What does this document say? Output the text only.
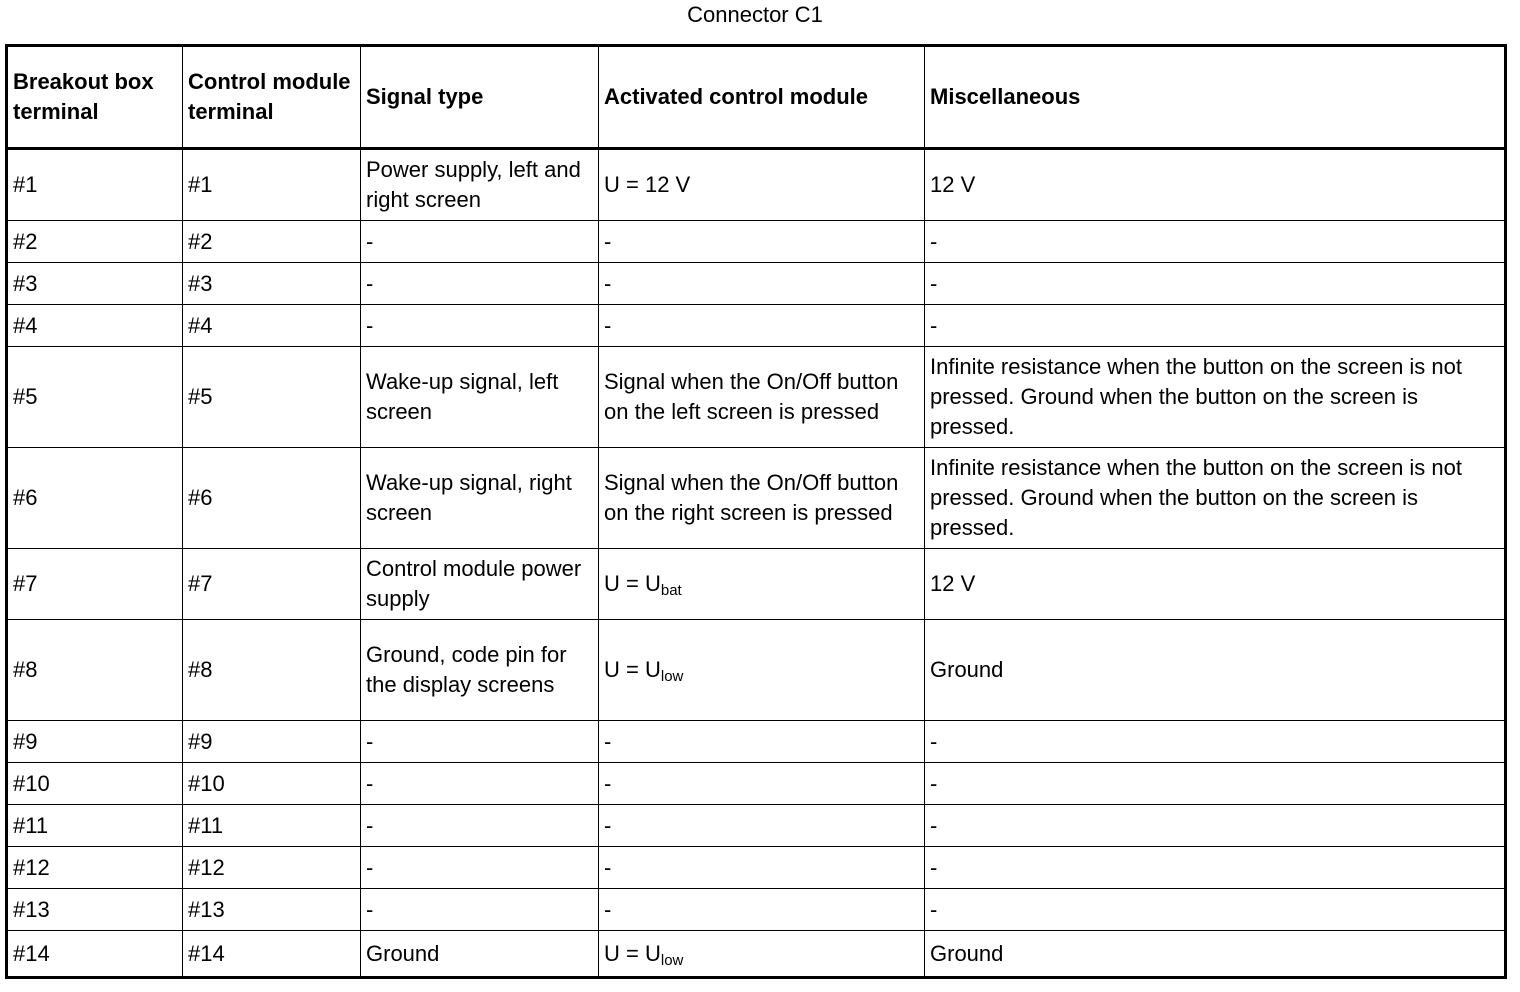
Connector C1
Breakout box terminal	Control module terminal	Signal type	Activated control module	Miscellaneous
#1	#1	Power supply, left and right screen	U = 12 V	12 V
#2	#2	-	-	-
#3	#3	-	-	-
#4	#4	-	-	-
#5	#5	Wake-up signal, left screen	Signal when the On/Off button on the left screen is pressed	Infinite resistance when the button on the screen is not pressed. Ground when the button on the screen is pressed.
#6	#6	Wake-up signal, right screen	Signal when the On/Off button on the right screen is pressed	Infinite resistance when the button on the screen is not pressed. Ground when the button on the screen is pressed.
#7	#7	Control module power supply	$U = U_{bat}$	12 V
#8	#8	Ground, code pin for the display screens	$U = U_{low}$	Ground
#9	#9	-	-	-
#10	#10	-	-	-
#11	#11	-	-	-
#12	#12	-	-	-
#13	#13	-	-	-
#14	#14	Ground	$U = U_{low}$	Ground
